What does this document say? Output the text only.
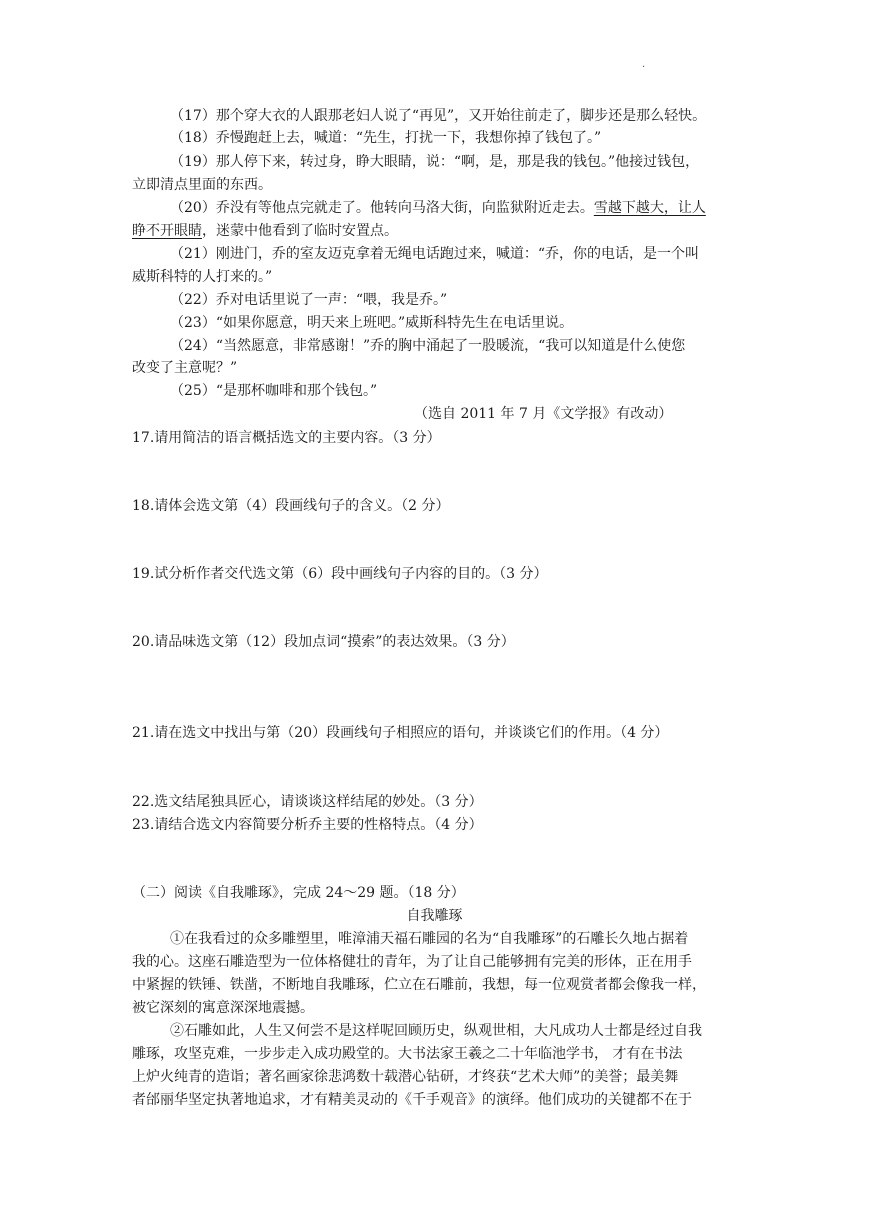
·
（17）那个穿大衣的人跟那老妇人说了“再见”，又开始往前走了，脚步还是那么轻快。
（18）乔慢跑赶上去，喊道：“先生，打扰一下，我想你掉了钱包了。”
（19）那人停下来，转过身，睁大眼睛，说：“啊，是，那是我的钱包。”他接过钱包，
立即清点里面的东西。
（20）乔没有等他点完就走了。他转向马洛大街，向监狱附近走去。雪越下越大，让人
睁不开眼睛，迷蒙中他看到了临时安置点。
（21）刚进门，乔的室友迈克拿着无绳电话跑过来，喊道：“乔，你的电话，是一个叫
威斯科特的人打来的。”
（22）乔对电话里说了一声：“喂，我是乔。”
（23）“如果你愿意，明天来上班吧。”威斯科特先生在电话里说。
（24）“当然愿意，非常感谢！”乔的胸中涌起了一股暖流，“我可以知道是什么使您
改变了主意呢？”
（25）“是那杯咖啡和那个钱包。”
（选自 2011 年 7 月《文学报》有改动）
17.请用简洁的语言概括选文的主要内容。（3 分）
18.请体会选文第（4）段画线句子的含义。（2 分）
19.试分析作者交代选文第（6）段中画线句子内容的目的。（3 分）
20.请品味选文第（12）段加点词“摸索”的表达效果。（3 分）
21.请在选文中找出与第（20）段画线句子相照应的语句，并谈谈它们的作用。（4 分）
22.选文结尾独具匠心，请谈谈这样结尾的妙处。（3 分）
23.请结合选文内容简要分析乔主要的性格特点。（4 分）
（二）阅读《自我雕琢》，完成 24～29 题。（18 分）
自我雕琢
①在我看过的众多雕塑里，唯漳浦天福石雕园的名为“自我雕琢”的石雕长久地占据着
我的心。这座石雕造型为一位体格健壮的青年，为了让自己能够拥有完美的形体，正在用手
中紧握的铁锤、铁凿，不断地自我雕琢，伫立在石雕前，我想，每一位观赏者都会像我一样，
被它深刻的寓意深深地震撼。
②石雕如此，人生又何尝不是这样呢回顾历史，纵观世相，大凡成功人士都是经过自我
雕琢，攻坚克难，一步步走入成功殿堂的。大书法家王羲之二十年临池学书， 才有在书法
上炉火纯青的造诣；著名画家徐悲鸿数十载潜心钻研，才终获“艺术大师”的美誉；最美舞
者邰丽华坚定执著地追求，才有精美灵动的《千手观音》的演绎。他们成功的关键都不在于
